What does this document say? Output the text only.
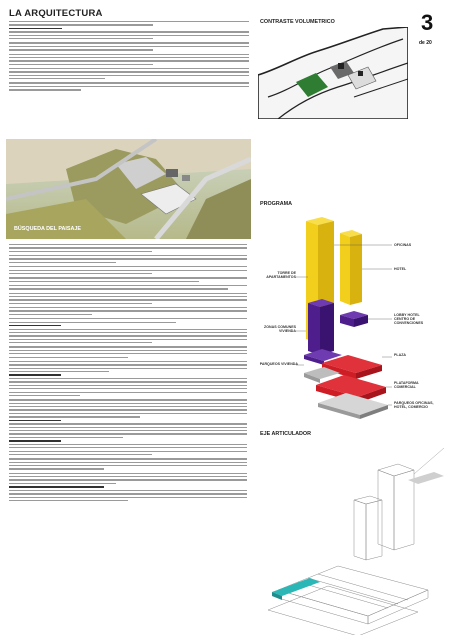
LA ARQUITECTURA	3
de 20
CONTRASTE VOLUMETRICO
BÚSQUEDA DEL PAISAJE
PROGRAMA
OFICINAS
HOTEL
TORRE DE
APARTAMENTOS
LOBBY HOTEL
CENTRO DE
CONVENCIONES
ZONAS COMUNES
VIVIENDA
PLAZA
PARQUEOS VIVIENDA
PLATAFORMA
COMERCIAL
PARQUEOS OFICINAS,
HOTEL, COMERCIO
EJE ARTICULADOR
